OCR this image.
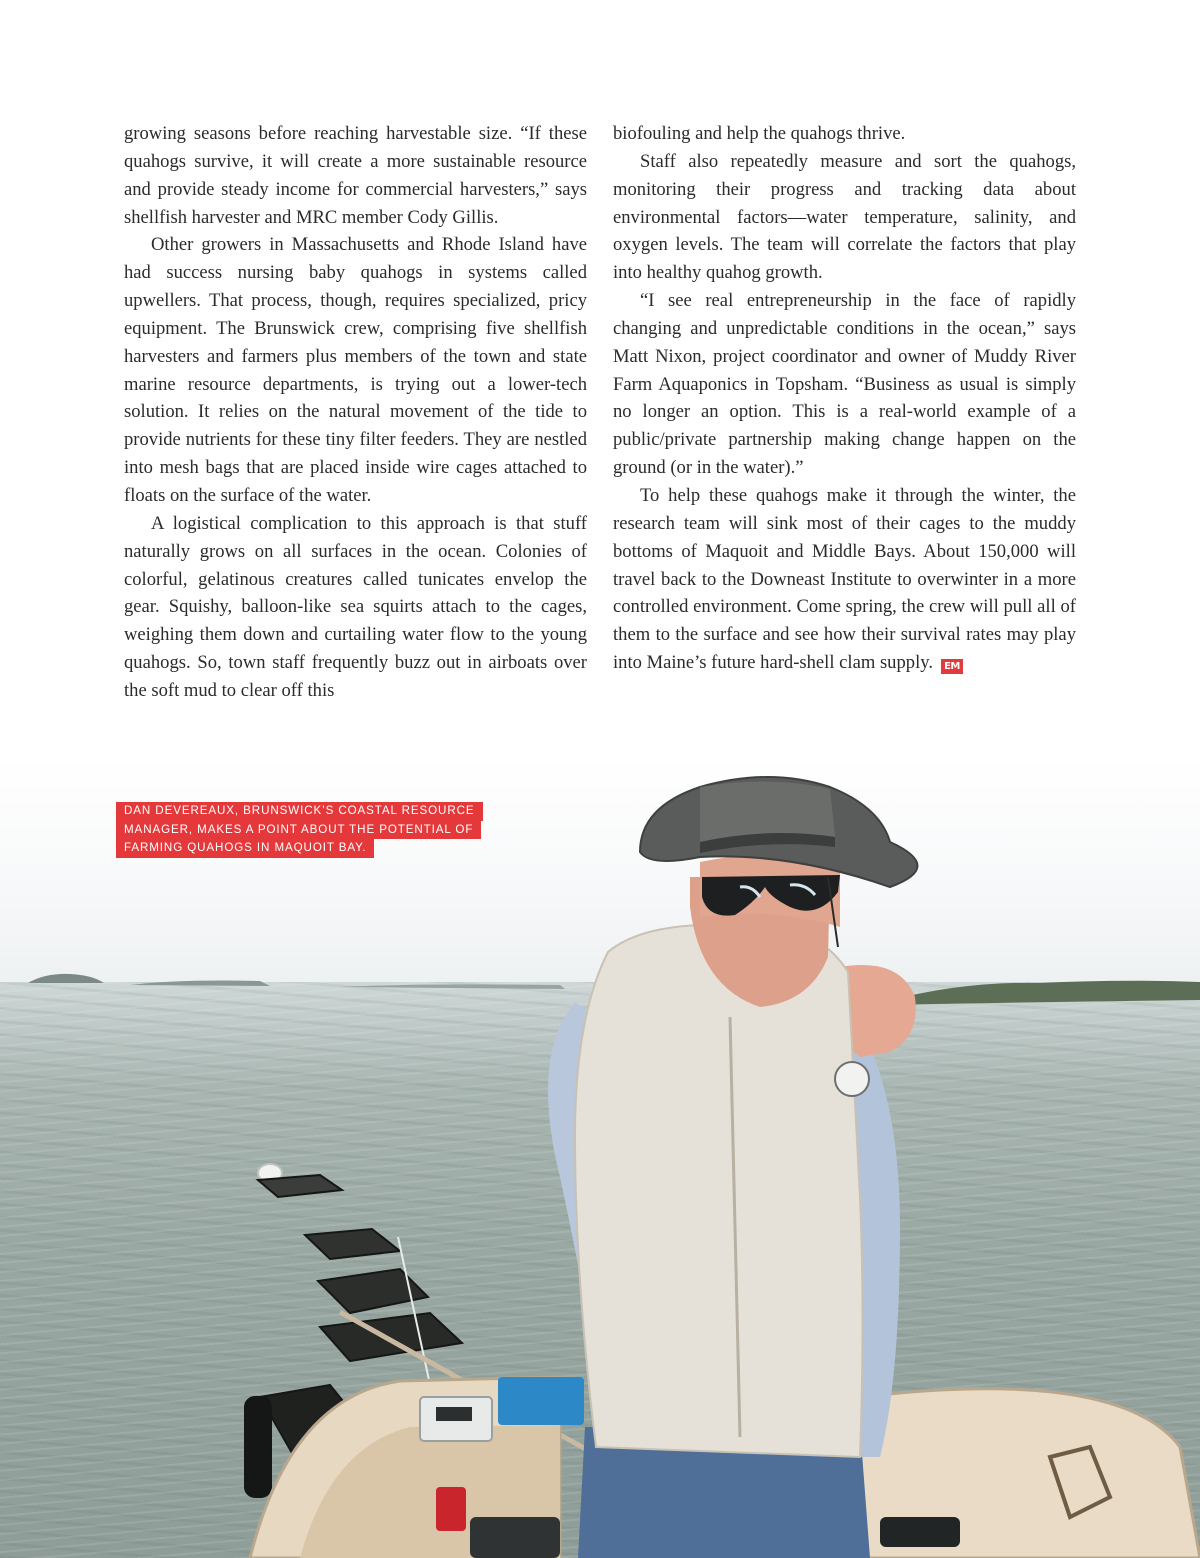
growing seasons before reaching harvestable size. “If these quahogs survive, it will create a more sustainable resource and provide steady income for commercial harvesters,” says shellfish harvester and MRC member Cody Gillis.

Other growers in Massachusetts and Rhode Island have had success nursing baby quahogs in systems called upwellers. That process, though, requires specialized, pricy equipment. The Brunswick crew, comprising five shellfish harvesters and farmers plus members of the town and state marine resource departments, is trying out a lower-tech solution. It relies on the natural movement of the tide to provide nutrients for these tiny filter feeders. They are nestled into mesh bags that are placed inside wire cages attached to floats on the surface of the water.

A logistical complication to this approach is that stuff naturally grows on all surfaces in the ocean. Colonies of colorful, gelatinous creatures called tunicates envelop the gear. Squishy, balloon-like sea squirts attach to the cages, weighing them down and curtailing water flow to the young quahogs. So, town staff frequently buzz out in airboats over the soft mud to clear off this

biofouling and help the quahogs thrive.

Staff also repeatedly measure and sort the quahogs, monitoring their progress and tracking data about environmental factors—water temperature, salinity, and oxygen levels. The team will correlate the factors that play into healthy quahog growth.

“I see real entrepreneurship in the face of rapidly changing and unpredictable conditions in the ocean,” says Matt Nixon, project coordinator and owner of Muddy River Farm Aquaponics in Topsham. “Business as usual is simply no longer an option. This is a real-world example of a public/private partnership making change happen on the ground (or in the water).”

To help these quahogs make it through the winter, the research team will sink most of their cages to the muddy bottoms of Maquoit and Middle Bays. About 150,000 will travel back to the Downeast Institute to overwinter in a more controlled environment. Come spring, the crew will pull all of them to the surface and see how their survival rates may play into Maine’s future hard-shell clam supply. EM

DAN DEVEREAUX, BRUNSWICK’S COASTAL RESOURCE
MANAGER, MAKES A POINT ABOUT THE POTENTIAL OF
FARMING QUAHOGS IN MAQUOIT BAY.
